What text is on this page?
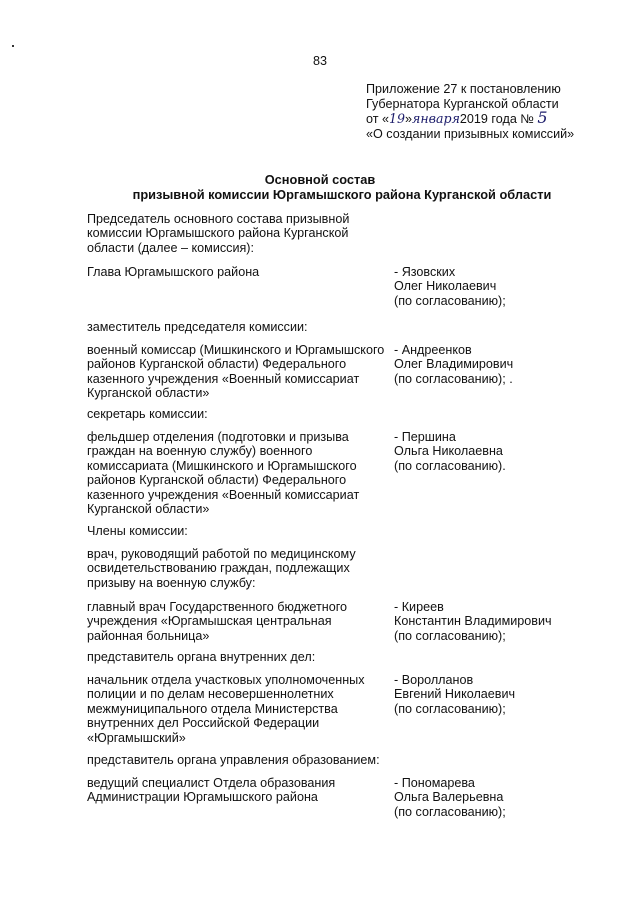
83
Приложение 27 к постановлению
Губернатора Курганской области
от «19»января2019 года № 5
«О создании призывных комиссий»
Основной состав
призывной комиссии Юргамышского района Курганской области
Председатель основного состава призывной
комиссии Юргамышского района Курганской
области (далее – комиссия):
Глава Юргамышского района	- Язовских
Олег Николаевич
(по согласованию);
заместитель председателя комиссии:
военный комиссар (Мишкинского и Юргамышского
районов Курганской области) Федерального
казенного учреждения «Военный комиссариат
Курганской области»
- Андреенков
Олег Владимирович
(по согласованию); .
секретарь комиссии:
фельдшер отделения (подготовки и призыва
граждан на военную службу) военного
комиссариата (Мишкинского и Юргамышского
районов Курганской области) Федерального
казенного учреждения «Военный комиссариат
Курганской области»
- Першина
Ольга Николаевна
(по согласованию).
Члены комиссии:
врач, руководящий работой по медицинскому
освидетельствованию граждан, подлежащих
призыву на военную службу:
главный врач Государственного бюджетного
учреждения «Юргамышская центральная
районная больница»
- Киреев
Константин Владимирович
(по согласованию);
представитель органа внутренних дел:
начальник отдела участковых уполномоченных
полиции и по делам несовершеннолетних
межмуниципального отдела Министерства
внутренних дел Российской Федерации
«Юргамышский»
- Воролланов
Евгений Николаевич
(по согласованию);
представитель органа управления образованием:
ведущий специалист Отдела образования
Администрации Юргамышского района
- Пономарева
Ольга Валерьевна
(по согласованию);
